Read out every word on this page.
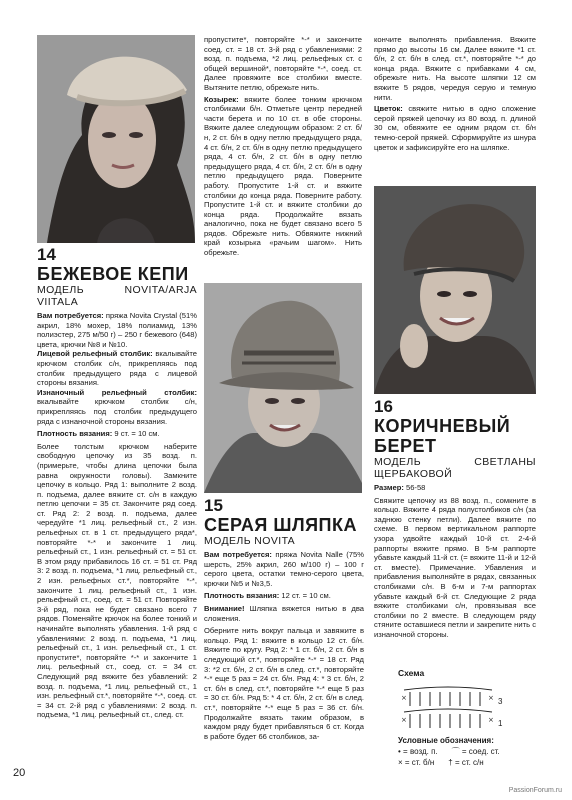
14
БЕЖЕВОЕ КЕПИ
МОДЕЛЬ NOVITA/ARJA VIITALA

Вам потребуется: пряжа Novita Crystal (51% акрил, 18% мохер, 18% полиамид, 13% полиэстер, 275 м/50 г) – 250 г бежевого (648) цвета, крючки №8 и №10.

Лицевой рельефный столбик: вкалывайте крючком столбик с/н, прикрепляясь под столбик предыдущего ряда с лицевой стороны вязания.

Изнаночный рельефный столбик: вкалывайте крючком столбик с/н, прикрепляясь под столбик предыдущего ряда с изнаночной стороны вязания.

Плотность вязания: 9 ст. = 10 см.

Более толстым крючком наберите свободную цепочку из 35 возд. п. (примерьте, чтобы длина цепочки была равна окружности головы). Замкните цепочку в кольцо. Ряд 1: выполните 2 возд. п. подъема, далее вяжите ст. с/н в каждую петлю цепочки = 35 ст. Закончите ряд соед. ст. Ряд 2: 2 возд. п. подъема, далее чередуйте *1 лиц. рельефный ст., 2 изн. рельефных ст. в 1 ст. предыдущего ряда*, повторяйте *-* и закончите 1 лиц. рельефный ст., 1 изн. рельефный ст. = 51 ст. В этом ряду прибавилось 16 ст. = 51 ст. Ряд 3: 2 возд. п. подъема, *1 лиц. рельефный ст., 2 изн. рельефных ст.*, повторяйте *-*, закончите 1 лиц. рельефный ст., 1 изн. рельефный ст., соед. ст. = 51 ст. Повторяйте 3-й ряд, пока не будет связано всего 7 рядов. Поменяйте крючок на более тонкий и начинайте выполнять убавления. 1-й ряд с убавлениями: 2 возд. п. подъема, *1 лиц. рельефный ст., 1 изн. рельефный ст., 1 ст. пропустите*, повторяйте *-* и закончите 1 лиц. рельефный ст., соед. ст. = 34 ст. Следующий ряд вяжите без убавлений: 2 возд. п. подъема, *1 лиц. рельефный ст., 1 изн. рельефный ст.*, повторяйте *-*, соед. ст. = 34 ст. 2-й ряд с убавлениями: 2 возд. п. подъема, *1 лиц. рельефный ст., след. ст.

пропустите*, повторяйте *-* и закончите соед. ст. = 18 ст. 3-й ряд с убавлениями: 2 возд. п. подъема, *2 лиц. рельефных ст. с общей вершиной*, повторяйте *-*, соед. ст. Далее провяжите все столбики вместе. Вытяните петлю, обрежьте нить.

Козырек: вяжите более тонким крючком столбиками б/н. Отметьте центр передней части берета и по 10 ст. в обе стороны. Вяжите далее следующим образом: 2 ст. б/н, 2 ст. б/н в одну петлю предыдущего ряда, 4 ст. б/н, 2 ст. б/н в одну петлю предыдущего ряда, 4 ст. б/н, 2 ст. б/н в одну петлю предыдущего ряда, 4 ст. б/н, 2 ст. б/н в одну петлю предыдущего ряда. Поверните работу. Пропустите 1-й ст. и вяжите столбики до конца ряда. Поверните работу. Пропустите 1-й ст. и вяжите столбики до конца ряда. Продолжайте вязать аналогично, пока не будет связано всего 5 рядов. Обрежьте нить. Обвяжите нижний край козырька «рачьим шагом». Нить обрежьте.

15
СЕРАЯ ШЛЯПКА
МОДЕЛЬ NOVITA

Вам потребуется: пряжа Novita Nalle (75% шерсть, 25% акрил, 260 м/100 г) – 100 г серого цвета, остатки темно-серого цвета, крючки №5 и №3,5.

Плотность вязания: 12 ст. = 10 см.

Внимание! Шляпка вяжется нитью в два сложения.

Оберните нить вокруг пальца и завяжите в кольцо. Ряд 1: вяжите в кольцо 12 ст. б/н. Вяжите по кругу. Ряд 2: * 1 ст. б/н, 2 ст. б/н в следующий ст.*, повторяйте *-* = 18 ст. Ряд 3: *2 ст. б/н, 2 ст. б/н в след. ст.*, повторяйте *-* еще 5 раз = 24 ст. б/н. Ряд 4: * 3 ст. б/н, 2 ст. б/н в след. ст.*, повторяйте *-* еще 5 раз = 30 ст. б/н. Ряд 5: * 4 ст. б/н, 2 ст. б/н в след. ст.*, повторяйте *-* еще 5 раз = 36 ст. б/н. Продолжайте вязать таким образом, в каждом ряду будет прибавляться 6 ст. Когда в работе будет 66 столбиков, за-

кончите выполнять прибавления. Вяжите прямо до высоты 16 см. Далее вяжите *1 ст. б/н, 2 ст. б/н в след. ст.*, повторяйте *-* до конца ряда. Вяжите с прибавками 4 см, обрежьте нить. На высоте шляпки 12 см вяжите 5 рядов, чередуя серую и темную нити.

Цветок: свяжите нитью в одно сложение серой пряжей цепочку из 80 возд. п. длиной 30 см, обвяжите ее одним рядом ст. б/н темно-серой пряжей. Сформируйте из шнура цветок и зафиксируйте его на шляпке.

16
КОРИЧНЕВЫЙ БЕРЕТ
МОДЕЛЬ СВЕТЛАНЫ ЩЕРБАКОВОЙ

Размер: 56-58

Свяжите цепочку из 88 возд. п., сомкните в кольцо. Вяжите 4 ряда полустолбиков с/н (за заднюю стенку петли). Далее вяжите по схеме. В первом вертикальном раппорте узора удвойте каждый 10-й ст. 2-4-й раппорты вяжите прямо. В 5-м раппорте убавьте каждый 11-й ст. (= вяжите 11-й и 12-й ст. вместе). Примечание. Убавления и прибавления выполняйте в рядах, связанных столбиками с/н. В 6-м и 7-м раппортах убавьте каждый 6-й ст. Следующие 2 ряда вяжите столбиками с/н, провязывая все столбики по 2 вместе. В следующем ряду стяните оставшиеся петли и закрепите нить с изнаночной стороны.

Схема
×
×
×
×
3
1
Условные обозначения:
• = возд. п. ⌒ = соед. ст.
× = ст. б/н † = ст. с/н
20
PassionForum.ru
